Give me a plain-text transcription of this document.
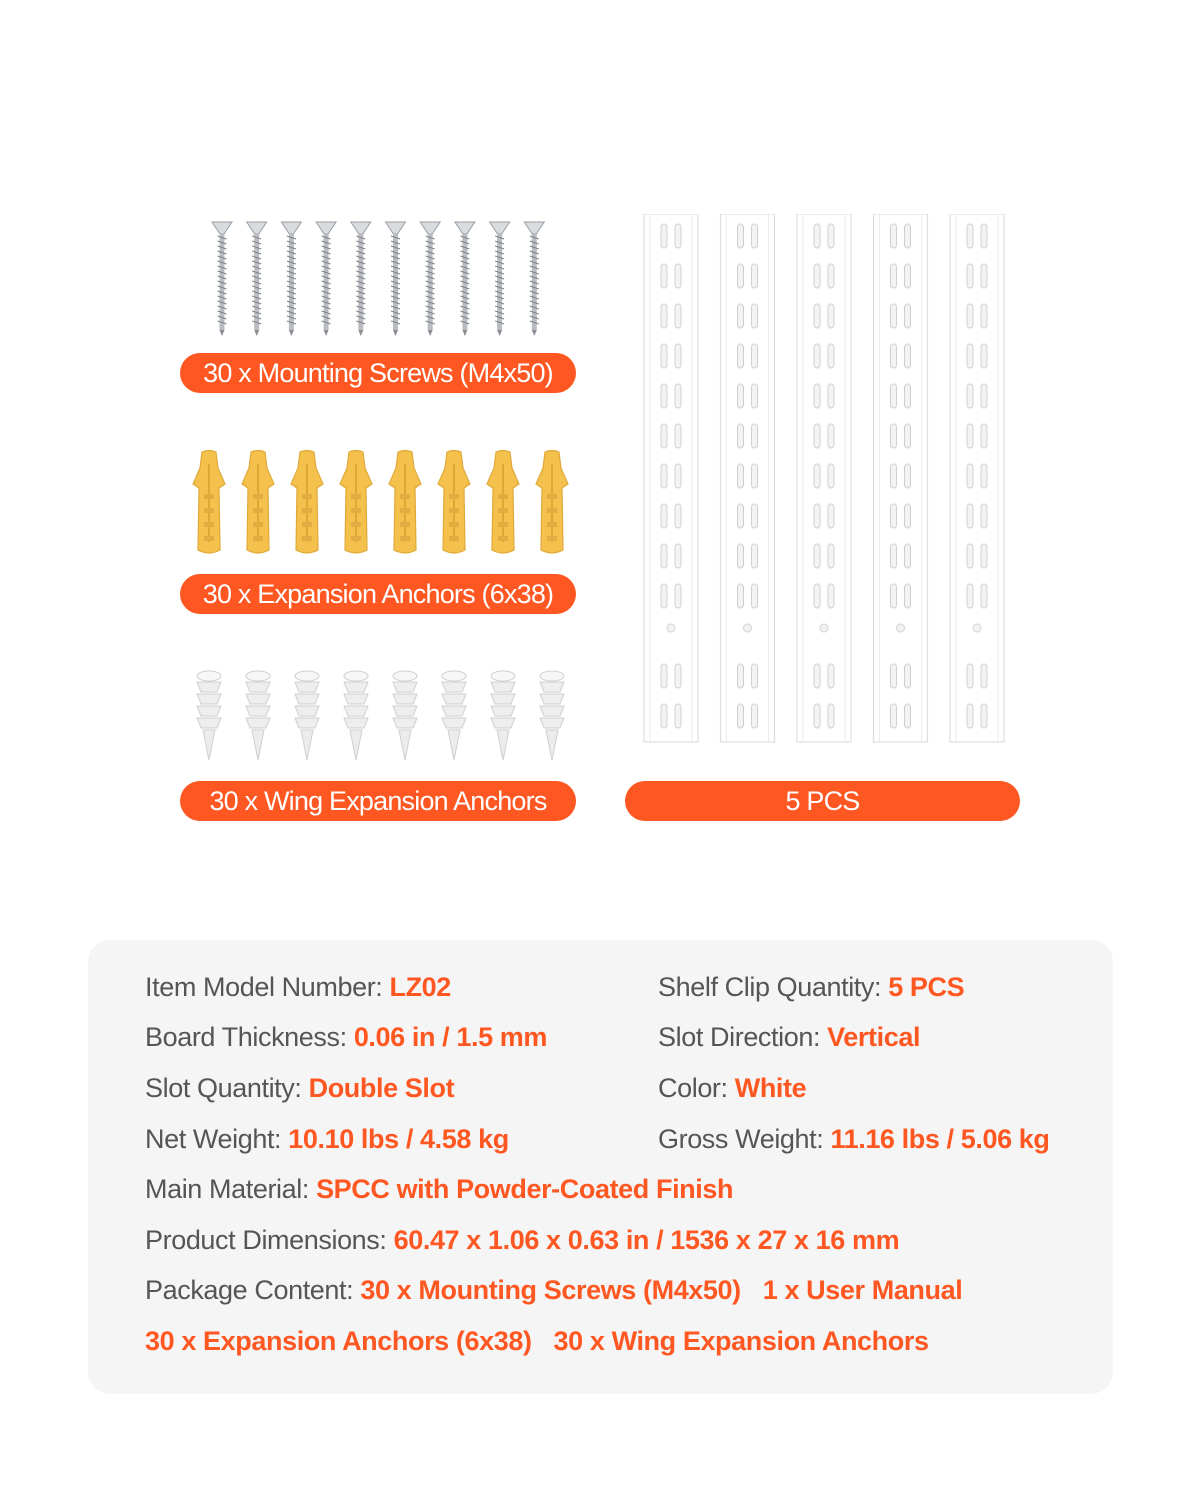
30 x Mounting Screws (M4x50)
30 x Expansion Anchors (6x38)
30 x Wing Expansion Anchors	5 PCS
Item Model Number: LZ02	Shelf Clip Quantity: 5 PCS
Board Thickness: 0.06 in / 1.5 mm	Slot Direction: Vertical
Slot Quantity: Double Slot	Color: White
Net Weight: 10.10 lbs / 4.58 kg	Gross Weight: 11.16 lbs / 5.06 kg
Main Material: SPCC with Powder-Coated Finish
Product Dimensions: 60.47 x 1.06 x 0.63 in / 1536 x 27 x 16 mm
Package Content: 30 x Mounting Screws (M4x50) 1 x User Manual
30 x Expansion Anchors (6x38) 30 x Wing Expansion Anchors
